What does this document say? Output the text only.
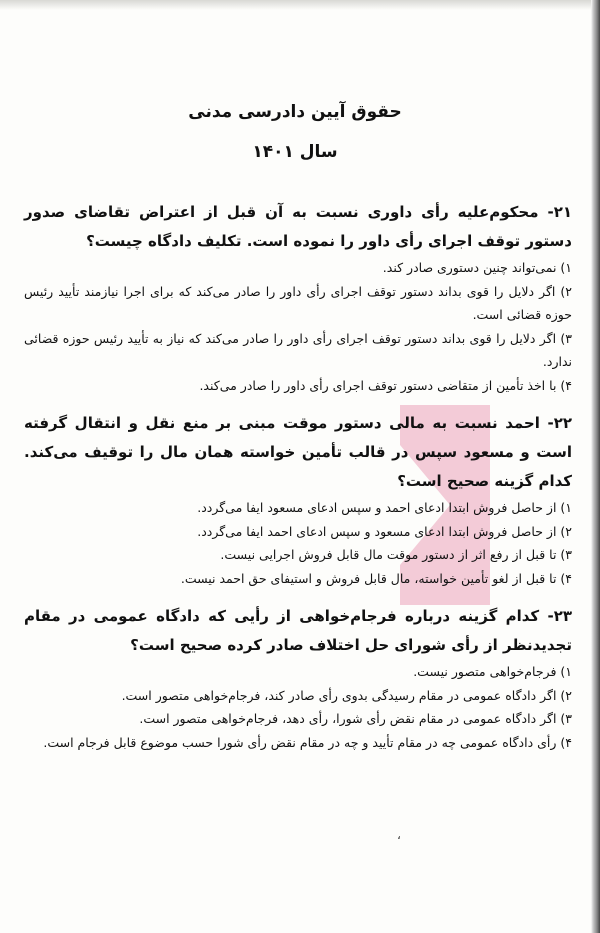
حقوق آیین دادرسی مدنی
سال ۱۴۰۱

۲۱- محکوم‌علیه رأی داوری نسبت به آن قبل از اعتراض تقاضای صدور دستور توقف اجرای رأی داور را نموده است. تکلیف دادگاه چیست؟

۱) نمی‌تواند چنین دستوری صادر کند.

۲) اگر دلایل را قوی بداند دستور توقف اجرای رأی داور را صادر می‌کند که برای اجرا نیازمند تأیید رئیس حوزه قضائی است.

۳) اگر دلایل را قوی بداند دستور توقف اجرای رأی داور را صادر می‌کند که نیاز به تأیید رئیس حوزه قضائی ندارد.

۴) با اخذ تأمین از متقاضی دستور توقف اجرای رأی داور را صادر می‌کند.

۲۲- احمد نسبت به مالی دستور موقت مبنی بر منع نقل و انتقال گرفته است و مسعود سپس در قالب تأمین خواسته همان مال را توقیف می‌کند. کدام گزینه صحیح است؟

۱) از حاصل فروش ابتدا ادعای احمد و سپس ادعای مسعود ایفا می‌گردد.

۲) از حاصل فروش ابتدا ادعای مسعود و سپس ادعای احمد ایفا می‌گردد.

۳) تا قبل از رفع اثر از دستور موقت مال قابل فروش اجرایی نیست.

۴) تا قبل از لغو تأمین خواسته، مال قابل فروش و استیفای حق احمد نیست.

۲۳- کدام گزینه درباره فرجام‌خواهی از رأیی که دادگاه عمومی در مقام تجدیدنظر از رأی شورای حل اختلاف صادر کرده صحیح است؟

۱) فرجام‌خواهی متصور نیست.

۲) اگر دادگاه عمومی در مقام رسیدگی بدوی رأی صادر کند، فرجام‌خواهی متصور است.

۳) اگر دادگاه عمومی در مقام نقض رأی شورا، رأی دهد، فرجام‌خواهی متصور است.

۴) رأی دادگاه عمومی چه در مقام تأیید و چه در مقام نقض رأی شورا حسب موضوع قابل فرجام است.

،
